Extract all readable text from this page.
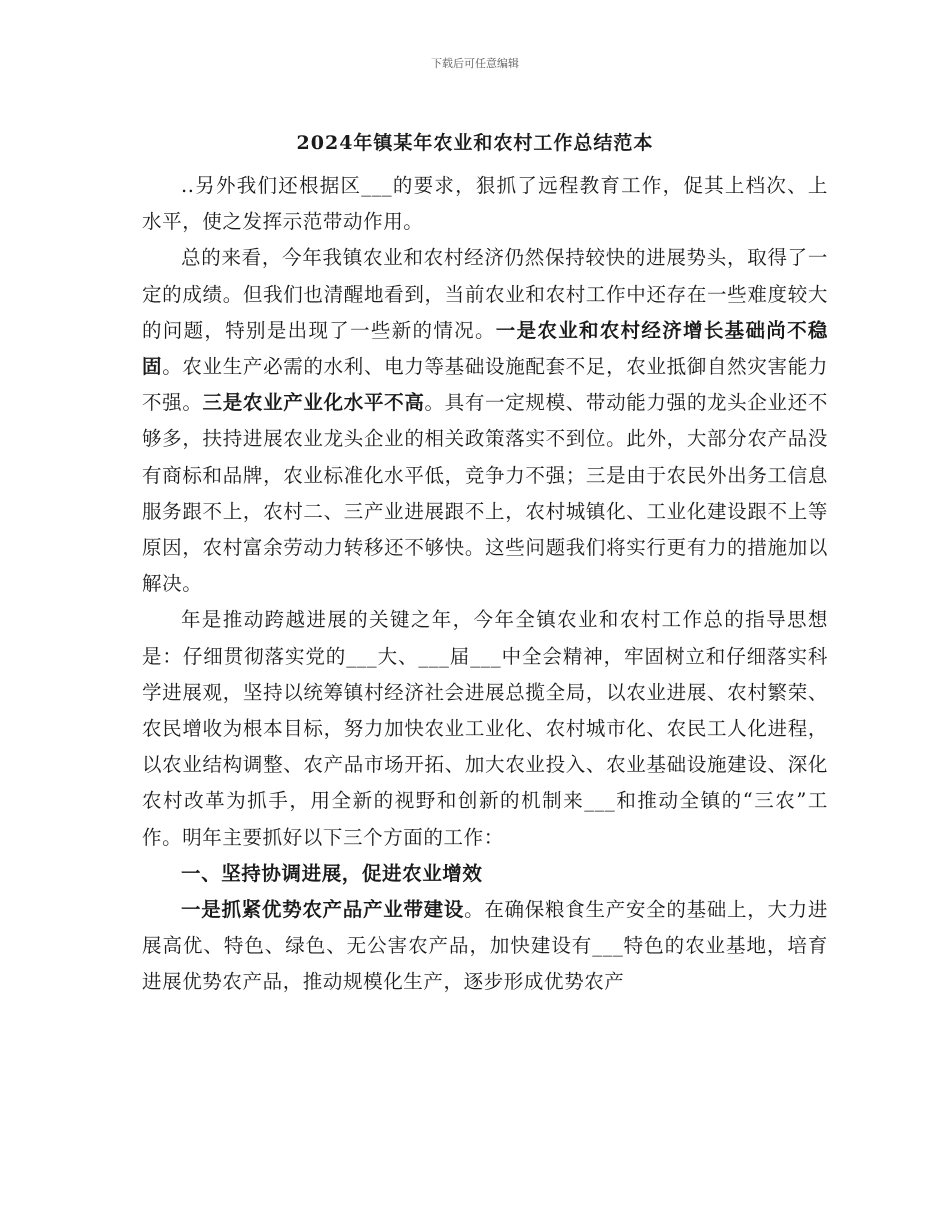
下载后可任意编辑
2024年镇某年农业和农村工作总结范本

..另外我们还根据区___的要求，狠抓了远程教育工作，促其上档次、上水平，使之发挥示范带动作用。

总的来看，今年我镇农业和农村经济仍然保持较快的进展势头，取得了一定的成绩。但我们也清醒地看到，当前农业和农村工作中还存在一些难度较大的问题，特别是出现了一些新的情况。一是农业和农村经济增长基础尚不稳固。农业生产必需的水利、电力等基础设施配套不足，农业抵御自然灾害能力不强。三是农业产业化水平不高。具有一定规模、带动能力强的龙头企业还不够多，扶持进展农业龙头企业的相关政策落实不到位。此外，大部分农产品没有商标和品牌，农业标准化水平低，竞争力不强；三是由于农民外出务工信息服务跟不上，农村二、三产业进展跟不上，农村城镇化、工业化建设跟不上等原因，农村富余劳动力转移还不够快。这些问题我们将实行更有力的措施加以解决。

年是推动跨越进展的关键之年，今年全镇农业和农村工作总的指导思想是：仔细贯彻落实党的___大、___届___中全会精神，牢固树立和仔细落实科学进展观，坚持以统筹镇村经济社会进展总揽全局，以农业进展、农村繁荣、农民增收为根本目标，努力加快农业工业化、农村城市化、农民工人化进程，以农业结构调整、农产品市场开拓、加大农业投入、农业基础设施建设、深化农村改革为抓手，用全新的视野和创新的机制来___和推动全镇的“三农”工作。明年主要抓好以下三个方面的工作：

一、坚持协调进展，促进农业增效

一是抓紧优势农产品产业带建设。在确保粮食生产安全的基础上，大力进展高优、特色、绿色、无公害农产品，加快建设有___特色的农业基地，培育进展优势农产品，推动规模化生产，逐步形成优势农产
